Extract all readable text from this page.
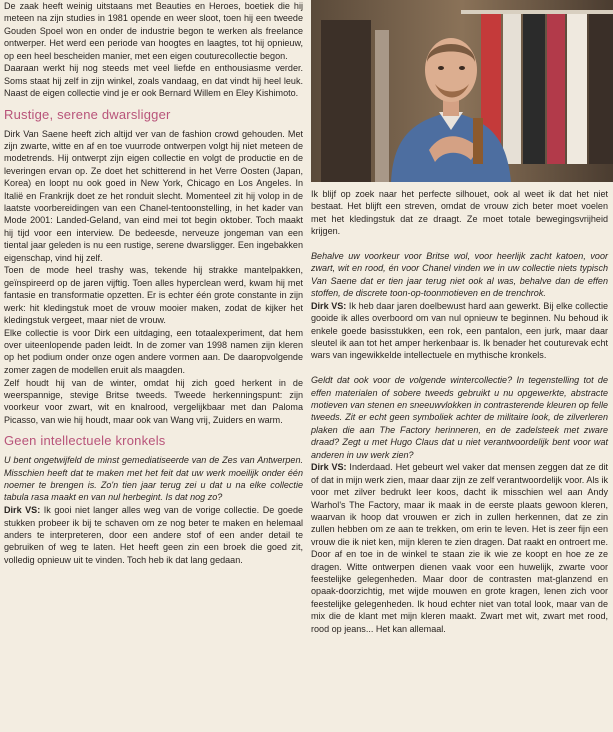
De zaak heeft weinig uitstaans met Beauties en Heroes, boetiek die hij meteen na zijn studies in 1981 opende en weer sloot, toen hij een tweede Gouden Spoel won en onder de industrie begon te werken als freelance ontwerper. Het werd een periode van hoogtes en laagtes, tot hij opnieuw, op een heel bescheiden manier, met een eigen couturecollectie begon.

Daaraan werkt hij nog steeds met veel liefde en enthousiasme verder. Soms staat hij zelf in zijn winkel, zoals vandaag, en dat vindt hij heel leuk. Naast de eigen collectie vind je er ook Bernard Willem en Eley Kishimoto.

Rustige, serene dwarsligger

Dirk Van Saene heeft zich altijd ver van de fashion crowd gehouden. Met zijn zwarte, witte en af en toe vuurrode ontwerpen volgt hij niet meteen de modetrends. Hij ontwerpt zijn eigen collectie en volgt de productie en de leveringen ervan op. Ze doet het schitterend in het Verre Oosten (Japan, Korea) en loopt nu ook goed in New York, Chicago en Los Angeles. In Italië en Frankrijk doet ze het ronduit slecht. Momenteel zit hij volop in de laatste voorbereidingen van een Chanel-tentoonstelling, in het kader van Mode 2001: Landed-Geland, van eind mei tot begin oktober. Toch maakt hij tijd voor een interview. De bedeesde, nerveuze jongeman van een tiental jaar geleden is nu een rustige, serene dwarsligger. Een ingebakken eigenschap, vind hij zelf.

Toen de mode heel trashy was, tekende hij strakke mantelpakken, geïnspireerd op de jaren vijftig. Toen alles hyperclean werd, kwam hij met fantasie en transformatie opzetten. Er is echter één grote constante in zijn werk: hit kledingstuk moet de vrouw mooier maken, zodat de kijker het kledingstuk vergeet, maar niet de vrouw.

Elke collectie is voor Dirk een uitdaging, een totaalexperiment, dat hem over uiteenlopende paden leidt. In de zomer van 1998 namen zijn kleren op het podium onder onze ogen andere vormen aan. De daaropvolgende zomer zagen de modellen eruit als maagden.

Zelf houdt hij van de winter, omdat hij zich goed herkent in de weerspannige, stevige Britse tweeds. Tweede herkenningspunt: zijn voorkeur voor zwart, wit en knalrood, vergelijkbaar met dan Paloma Picasso, van wie hij houdt, maar ook van Wang vrij, Zuiders en warm.

Geen intellectuele kronkels

U bent ongetwijfeld de minst gemediatiseerde van de Zes van Antwerpen. Misschien heeft dat te maken met het feit dat uw werk moeilijk onder één noemer te brengen is. Zo'n tien jaar terug zei u dat u na elke collectie tabula rasa maakt en van nul herbegint. Is dat nog zo?

Dirk VS: Ik gooi niet langer alles weg van de vorige collectie. De goede stukken probeer ik bij te schaven om ze nog beter te maken en helemaal anders te interpreteren, door een andere stof of een ander detail te gebruiken of weg te laten. Het heeft geen zin een broek die goed zit, volledig opnieuw uit te vinden. Toch heb ik dat lang gedaan.

Ik blijf op zoek naar het perfecte silhouet, ook al weet ik dat het niet bestaat. Het blijft een streven, omdat de vrouw zich beter moet voelen met het kledingstuk dat ze draagt. Ze moet totale bewegingsvrijheid krijgen.

Behalve uw voorkeur voor Britse wol, voor heerlijk zacht katoen, voor zwart, wit en rood, én voor Chanel vinden we in uw collectie niets typisch Van Saene dat er tien jaar terug niet ook al was, behalve dan de effen stoffen, de discrete toon-op-toonmotieven en de trenchrok.

Dirk VS: Ik heb daar jaren doelbewust hard aan gewerkt. Bij elke collectie gooide ik alles overboord om van nul opnieuw te beginnen. Nu behoud ik enkele goede basisstukken, een rok, een pantalon, een jurk, maar daar sleutel ik aan tot het amper herkenbaar is. Ik benader het couturevak echt wars van ingewikkelde intellectuele en mythische kronkels.

Geldt dat ook voor de volgende wintercollectie? In tegenstelling tot de effen materialen of sobere tweeds gebruikt u nu opgewerkte, abstracte motieven van stenen en sneeuwvlokken in contrasterende kleuren op felle tweeds. Zit er echt geen symboliek achter de militaire look, de zilverleren plaken die aan The Factory herinneren, en de zadelsteek met zware draad? Zegt u met Hugo Claus dat u niet verantwoordelijk bent voor wat anderen in uw werk zien?

Dirk VS: Inderdaad. Het gebeurt wel vaker dat mensen zeggen dat ze dit of dat in mijn werk zien, maar daar zijn ze zelf verantwoordelijk voor. Als ik voor met zilver bedrukt leer koos, dacht ik misschien wel aan Andy Warhol's The Factory, maar ik maak in de eerste plaats gewoon kleren, waarvan ik hoop dat vrouwen er zich in zullen herkennen, dat ze zin zullen hebben om ze aan te trekken, om erin te leven. Het is zeer fijn een vrouw die ik niet ken, mijn kleren te zien dragen. Dat raakt en ontroert me. Door af en toe in de winkel te staan zie ik wie ze koopt en hoe ze ze dragen. Witte ontwerpen dienen vaak voor een huwelijk, zwarte voor feestelijke gelegenheden. Maar door de contrasten mat-glanzend en opaak-doorzichtig, met wijde mouwen en grote kragen, lenen zich voor feestelijke gelegenheden. Ik houd echter niet van total look, maar van de mix die de klant met mijn kleren maakt. Zwart met wit, zwart met rood, rood op jeans... Het kan allemaal.
